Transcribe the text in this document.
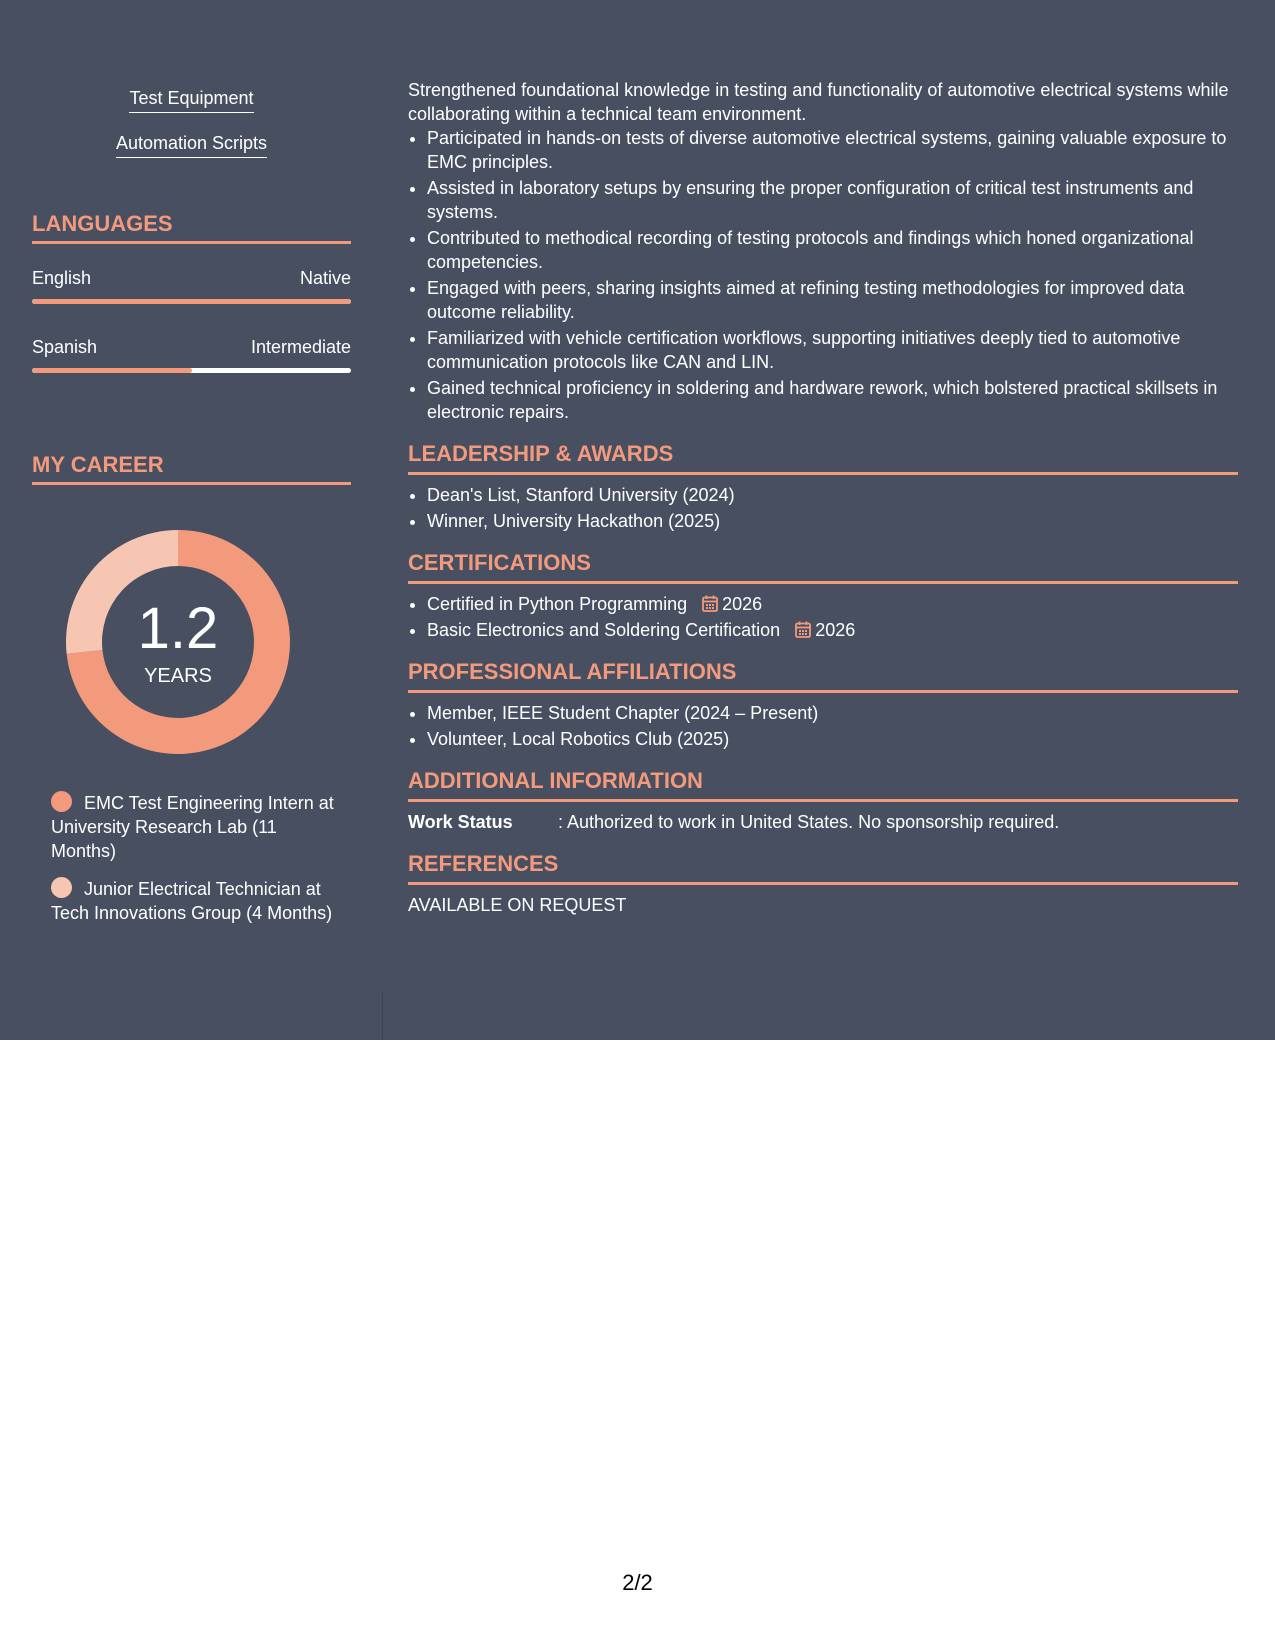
Test Equipment
Automation Scripts
LANGUAGES
English	Native
Spanish	Intermediate
MY CAREER
1.2
YEARS
EMC Test Engineering Intern at University Research Lab (11 Months)
Junior Electrical Technician at Tech Innovations Group (4 Months)

Strengthened foundational knowledge in testing and functionality of automotive electrical systems while collaborating within a technical team environment.

• Participated in hands-on tests of diverse automotive electrical systems, gaining valuable exposure to EMC principles.
• Assisted in laboratory setups by ensuring the proper configuration of critical test instruments and systems.
• Contributed to methodical recording of testing protocols and findings which honed organizational competencies.
• Engaged with peers, sharing insights aimed at refining testing methodologies for improved data outcome reliability.
• Familiarized with vehicle certification workflows, supporting initiatives deeply tied to automotive communication protocols like CAN and LIN.
• Gained technical proficiency in soldering and hardware rework, which bolstered practical skillsets in electronic repairs.
LEADERSHIP & AWARDS
• Dean's List, Stanford University (2024)
• Winner, University Hackathon (2025)
CERTIFICATIONS
• Certified in Python Programming 2026
• Basic Electronics and Soldering Certification 2026
PROFESSIONAL AFFILIATIONS
• Member, IEEE Student Chapter (2024 – Present)
• Volunteer, Local Robotics Club (2025)
ADDITIONAL INFORMATION
Work Status	: Authorized to work in United States. No sponsorship required.
REFERENCES

AVAILABLE ON REQUEST

2/2
